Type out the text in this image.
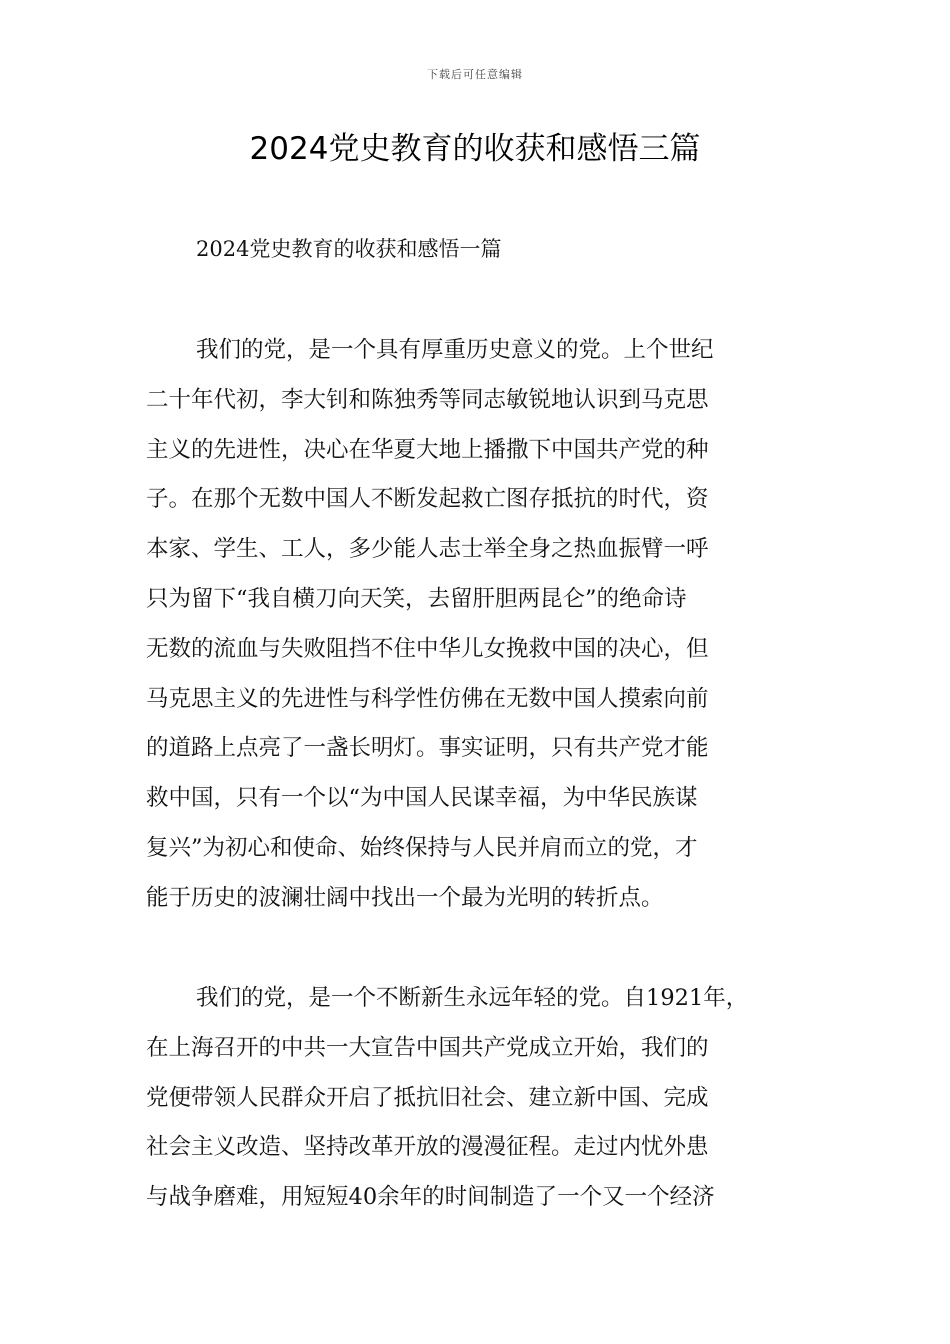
下载后可任意编辑
2024党史教育的收获和感悟三篇
2024党史教育的收获和感悟一篇

我们的党，是一个具有厚重历史意义的党。上个世纪
二十年代初，李大钊和陈独秀等同志敏锐地认识到马克思
主义的先进性，决心在华夏大地上播撒下中国共产党的种
子。在那个无数中国人不断发起救亡图存抵抗的时代，资
本家、学生、工人，多少能人志士举全身之热血振臂一呼
只为留下“我自横刀向天笑，去留肝胆两昆仑”的绝命诗
无数的流血与失败阻挡不住中华儿女挽救中国的决心，但
马克思主义的先进性与科学性仿佛在无数中国人摸索向前
的道路上点亮了一盏长明灯。事实证明，只有共产党才能
救中国，只有一个以“为中国人民谋幸福，为中华民族谋
复兴”为初心和使命、始终保持与人民并肩而立的党，才
能于历史的波澜壮阔中找出一个最为光明的转折点。

我们的党，是一个不断新生永远年轻的党。自1921年，
在上海召开的中共一大宣告中国共产党成立开始，我们的
党便带领人民群众开启了抵抗旧社会、建立新中国、完成
社会主义改造、坚持改革开放的漫漫征程。走过内忧外患
与战争磨难，用短短40余年的时间制造了一个又一个经济
